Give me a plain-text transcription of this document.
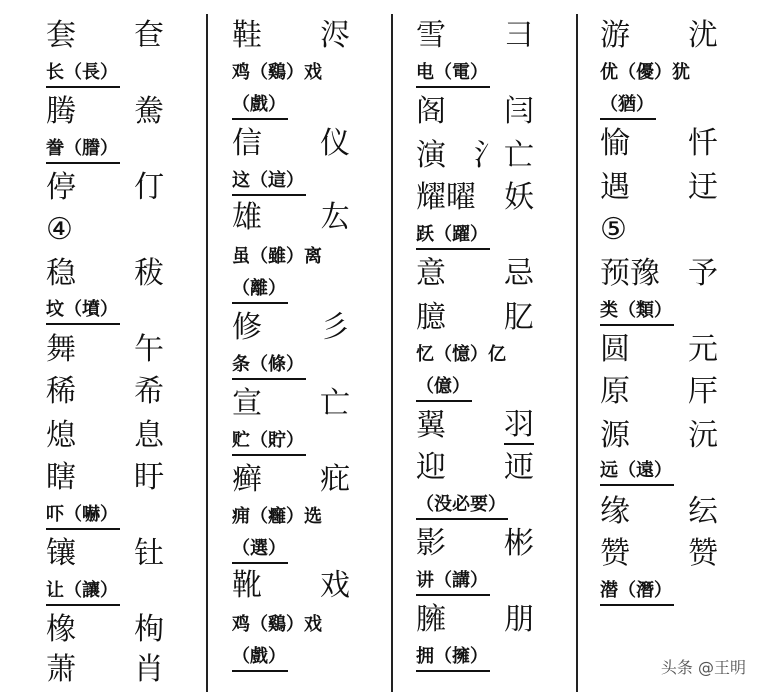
套 奆
长（長）
腾 駦
誊（謄）
停 仃
④
稳 秡
坟（墳）
舞 午
稀 希
熄 息
瞎 盱
吓（嚇）
镶 钍
让（讓）
橡 栒
萧 肖
鞋 浕
鸡（鷄）戏
（戲）
信 仪
这（這）
雄 厷
虽（雖）离
（離）
修 彡
条（條）
宣 亡
贮（貯）
癣 疪
痈（癰）选
（選）
靴 戏
鸡（鷄）戏
（戲）
雪 彐
电（電）
阁 闫
演 氵亡
耀曜 妖
跃（躍）
意 忌
臆 肊
忆（憶）亿
（億）
翼 羽
迎 迊
（没必要）
影 彬
讲（講）
臃 朋
拥（擁）
游 沋
优（優）犹
（猶）
愉 忏
遇 迂
⑤
预豫 予
类（類）
圆 元
原 厈
源 沅
远（遠）
缘 纭
赞 赞
潜（潛）
头条 @王明
